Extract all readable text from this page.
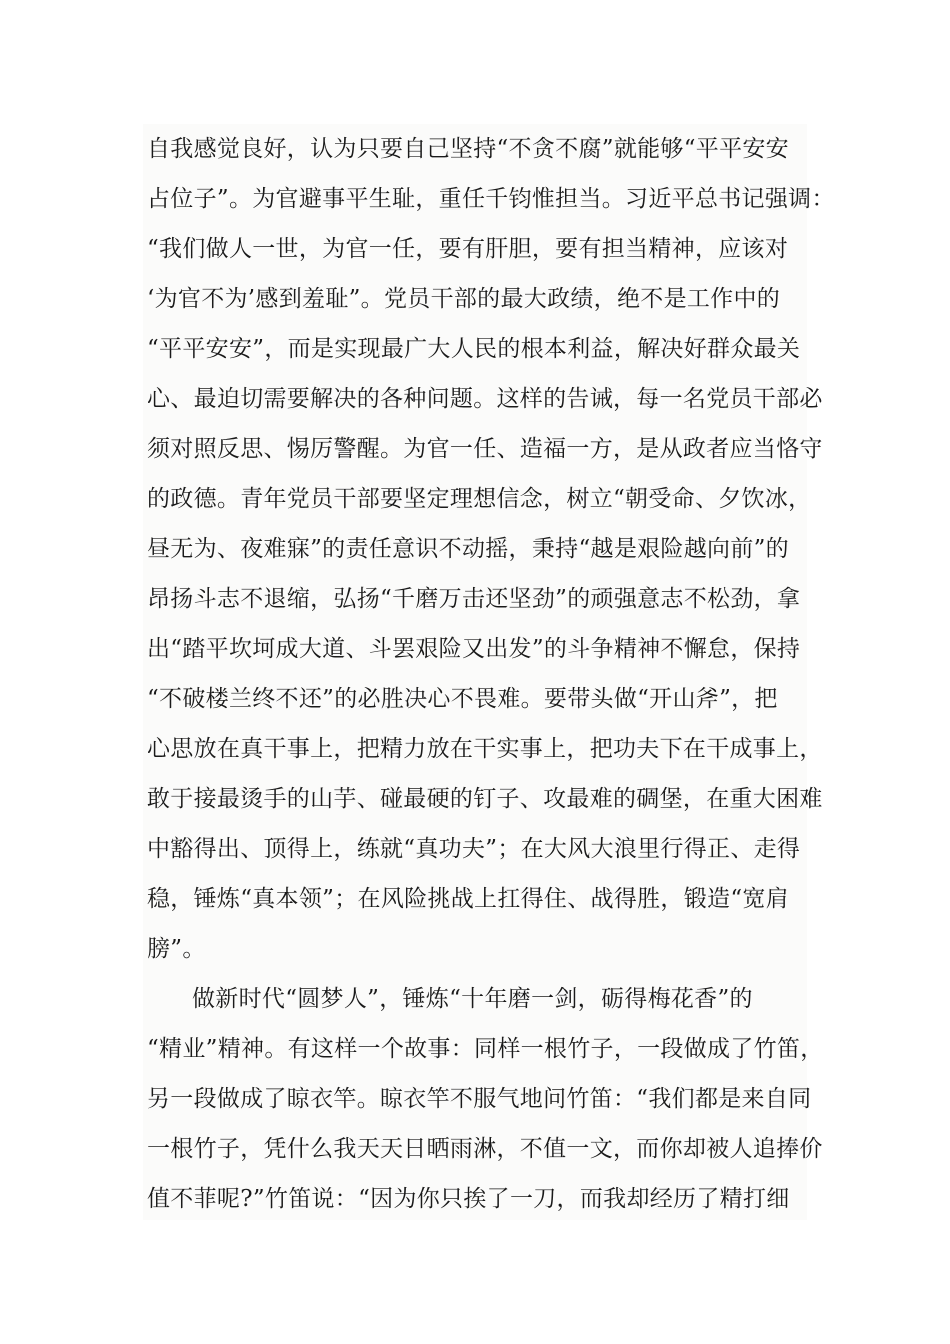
自我感觉良好，认为只要自己坚持“不贪不腐”就能够“平平安安
占位子”。为官避事平生耻，重任千钧惟担当。习近平总书记强调：
“我们做人一世，为官一任，要有肝胆，要有担当精神，应该对
‘为官不为’感到羞耻”。党员干部的最大政绩，绝不是工作中的
“平平安安”，而是实现最广大人民的根本利益，解决好群众最关
心、最迫切需要解决的各种问题。这样的告诫，每一名党员干部必
须对照反思、惕厉警醒。为官一任、造福一方，是从政者应当恪守
的政德。青年党员干部要坚定理想信念，树立“朝受命、夕饮冰，
昼无为、夜难寐”的责任意识不动摇，秉持“越是艰险越向前”的
昂扬斗志不退缩，弘扬“千磨万击还坚劲”的顽强意志不松劲，拿
出“踏平坎坷成大道、斗罢艰险又出发”的斗争精神不懈怠，保持
“不破楼兰终不还”的必胜决心不畏难。要带头做“开山斧”，把
心思放在真干事上，把精力放在干实事上，把功夫下在干成事上，
敢于接最烫手的山芋、碰最硬的钉子、攻最难的碉堡，在重大困难
中豁得出、顶得上，练就“真功夫”；在大风大浪里行得正、走得
稳，锤炼“真本领”；在风险挑战上扛得住、战得胜，锻造“宽肩
膀”。
做新时代“圆梦人”，锤炼“十年磨一剑，砺得梅花香”的
“精业”精神。有这样一个故事：同样一根竹子，一段做成了竹笛，
另一段做成了晾衣竿。晾衣竿不服气地问竹笛：“我们都是来自同
一根竹子，凭什么我天天日晒雨淋，不值一文，而你却被人追捧价
值不菲呢?”竹笛说：“因为你只挨了一刀，而我却经历了精打细
